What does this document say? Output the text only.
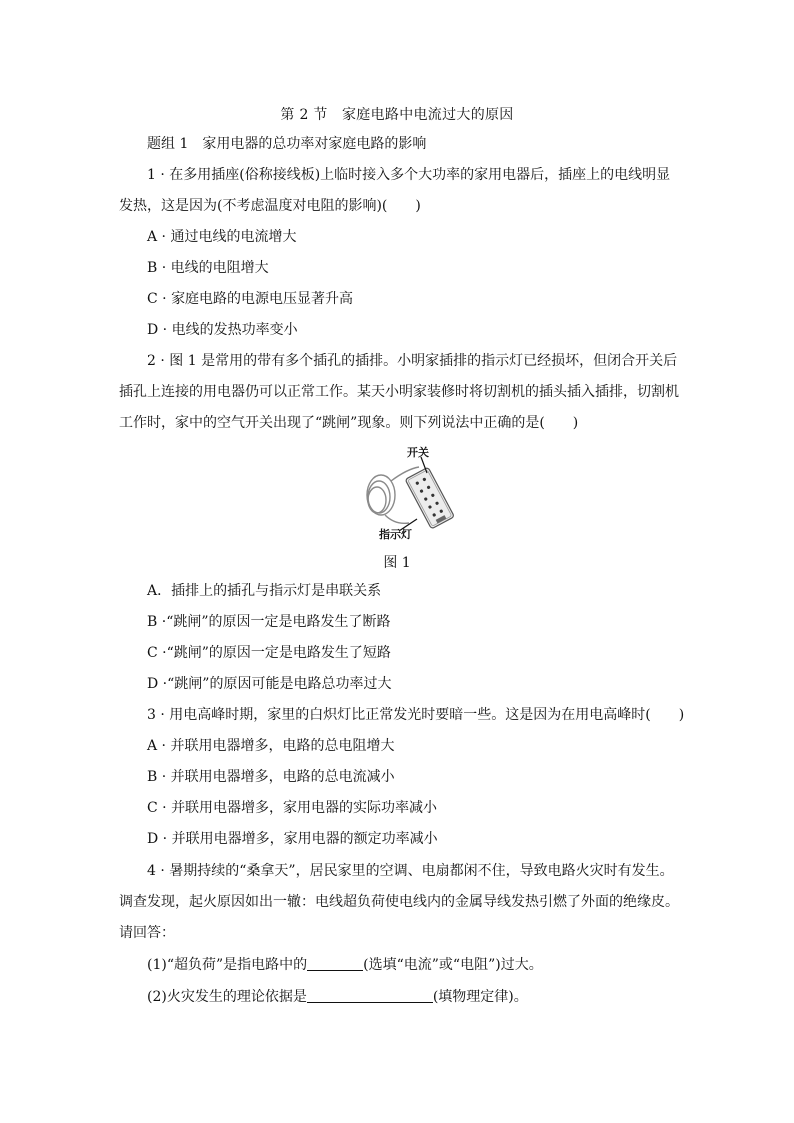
第 2 节　家庭电路中电流过大的原因
题组 1　家用电器的总功率对家庭电路的影响
1 · 在多用插座(俗称接线板)上临时接入多个大功率的家用电器后，插座上的电线明显
发热，这是因为(不考虑温度对电阻的影响)(　　)
A · 通过电线的电流增大
B · 电线的电阻增大
C · 家庭电路的电源电压显著升高
D · 电线的发热功率变小
2 · 图 1 是常用的带有多个插孔的插排。小明家插排的指示灯已经损坏，但闭合开关后
插孔上连接的用电器仍可以正常工作。某天小明家装修时将切割机的插头插入插排，切割机
工作时，家中的空气开关出现了“跳闸”现象。则下列说法中正确的是(　　)
开关
指示灯
图 1
A．插排上的插孔与指示灯是串联关系
B ·“跳闸”的原因一定是电路发生了断路
C ·“跳闸”的原因一定是电路发生了短路
D ·“跳闸”的原因可能是电路总功率过大
3 · 用电高峰时期，家里的白炽灯比正常发光时要暗一些。这是因为在用电高峰时(　　)
A · 并联用电器增多，电路的总电阻增大
B · 并联用电器增多，电路的总电流减小
C · 并联用电器增多，家用电器的实际功率减小
D · 并联用电器增多，家用电器的额定功率减小
4 · 暑期持续的“桑拿天”，居民家里的空调、电扇都闲不住，导致电路火灾时有发生。
调查发现，起火原因如出一辙：电线超负荷使电线内的金属导线发热引燃了外面的绝缘皮。
请回答：
(1)“超负荷”是指电路中的	(选填“电流”或“电阻”)过大。
(2)火灾发生的理论依据是	(填物理定律)。
